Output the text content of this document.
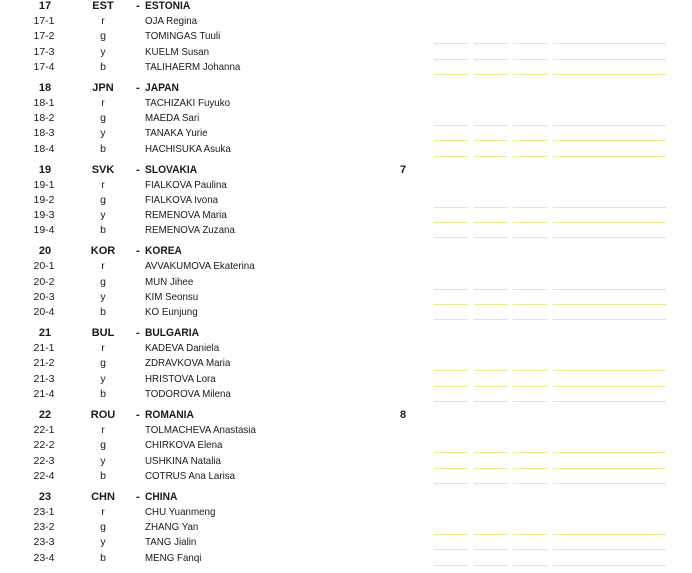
17	EST - ESTONIA
17-1	r	OJA Regina
17-2	g	TOMINGAS Tuuli
17-3	y	KUELM Susan
17-4	b	TALIHAERM Johanna
18	JPN - JAPAN
18-1	r	TACHIZAKI Fuyuko
18-2	g	MAEDA Sari
18-3	y	TANAKA Yurie
18-4	b	HACHISUKA Asuka
19	SVK - SLOVAKIA	7
19-1	r	FIALKOVA Paulina
19-2	g	FIALKOVA Ivona
19-3	y	REMENOVA Maria
19-4	b	REMENOVA Zuzana
20	KOR - KOREA
20-1	r	AVVAKUMOVA Ekaterina
20-2	g	MUN Jihee
20-3	y	KIM Seonsu
20-4	b	KO Eunjung
21	BUL - BULGARIA
21-1	r	KADEVA Daniela
21-2	g	ZDRAVKOVA Maria
21-3	y	HRISTOVA Lora
21-4	b	TODOROVA Milena
22	ROU - ROMANIA	8
22-1	r	TOLMACHEVA Anastasia
22-2	g	CHIRKOVA Elena
22-3	y	USHKINA Natalia
22-4	b	COTRUS Ana Larisa
23	CHN - CHINA
23-1	r	CHU Yuanmeng
23-2	g	ZHANG Yan
23-3	y	TANG Jialin
23-4	b	MENG Fanqi
